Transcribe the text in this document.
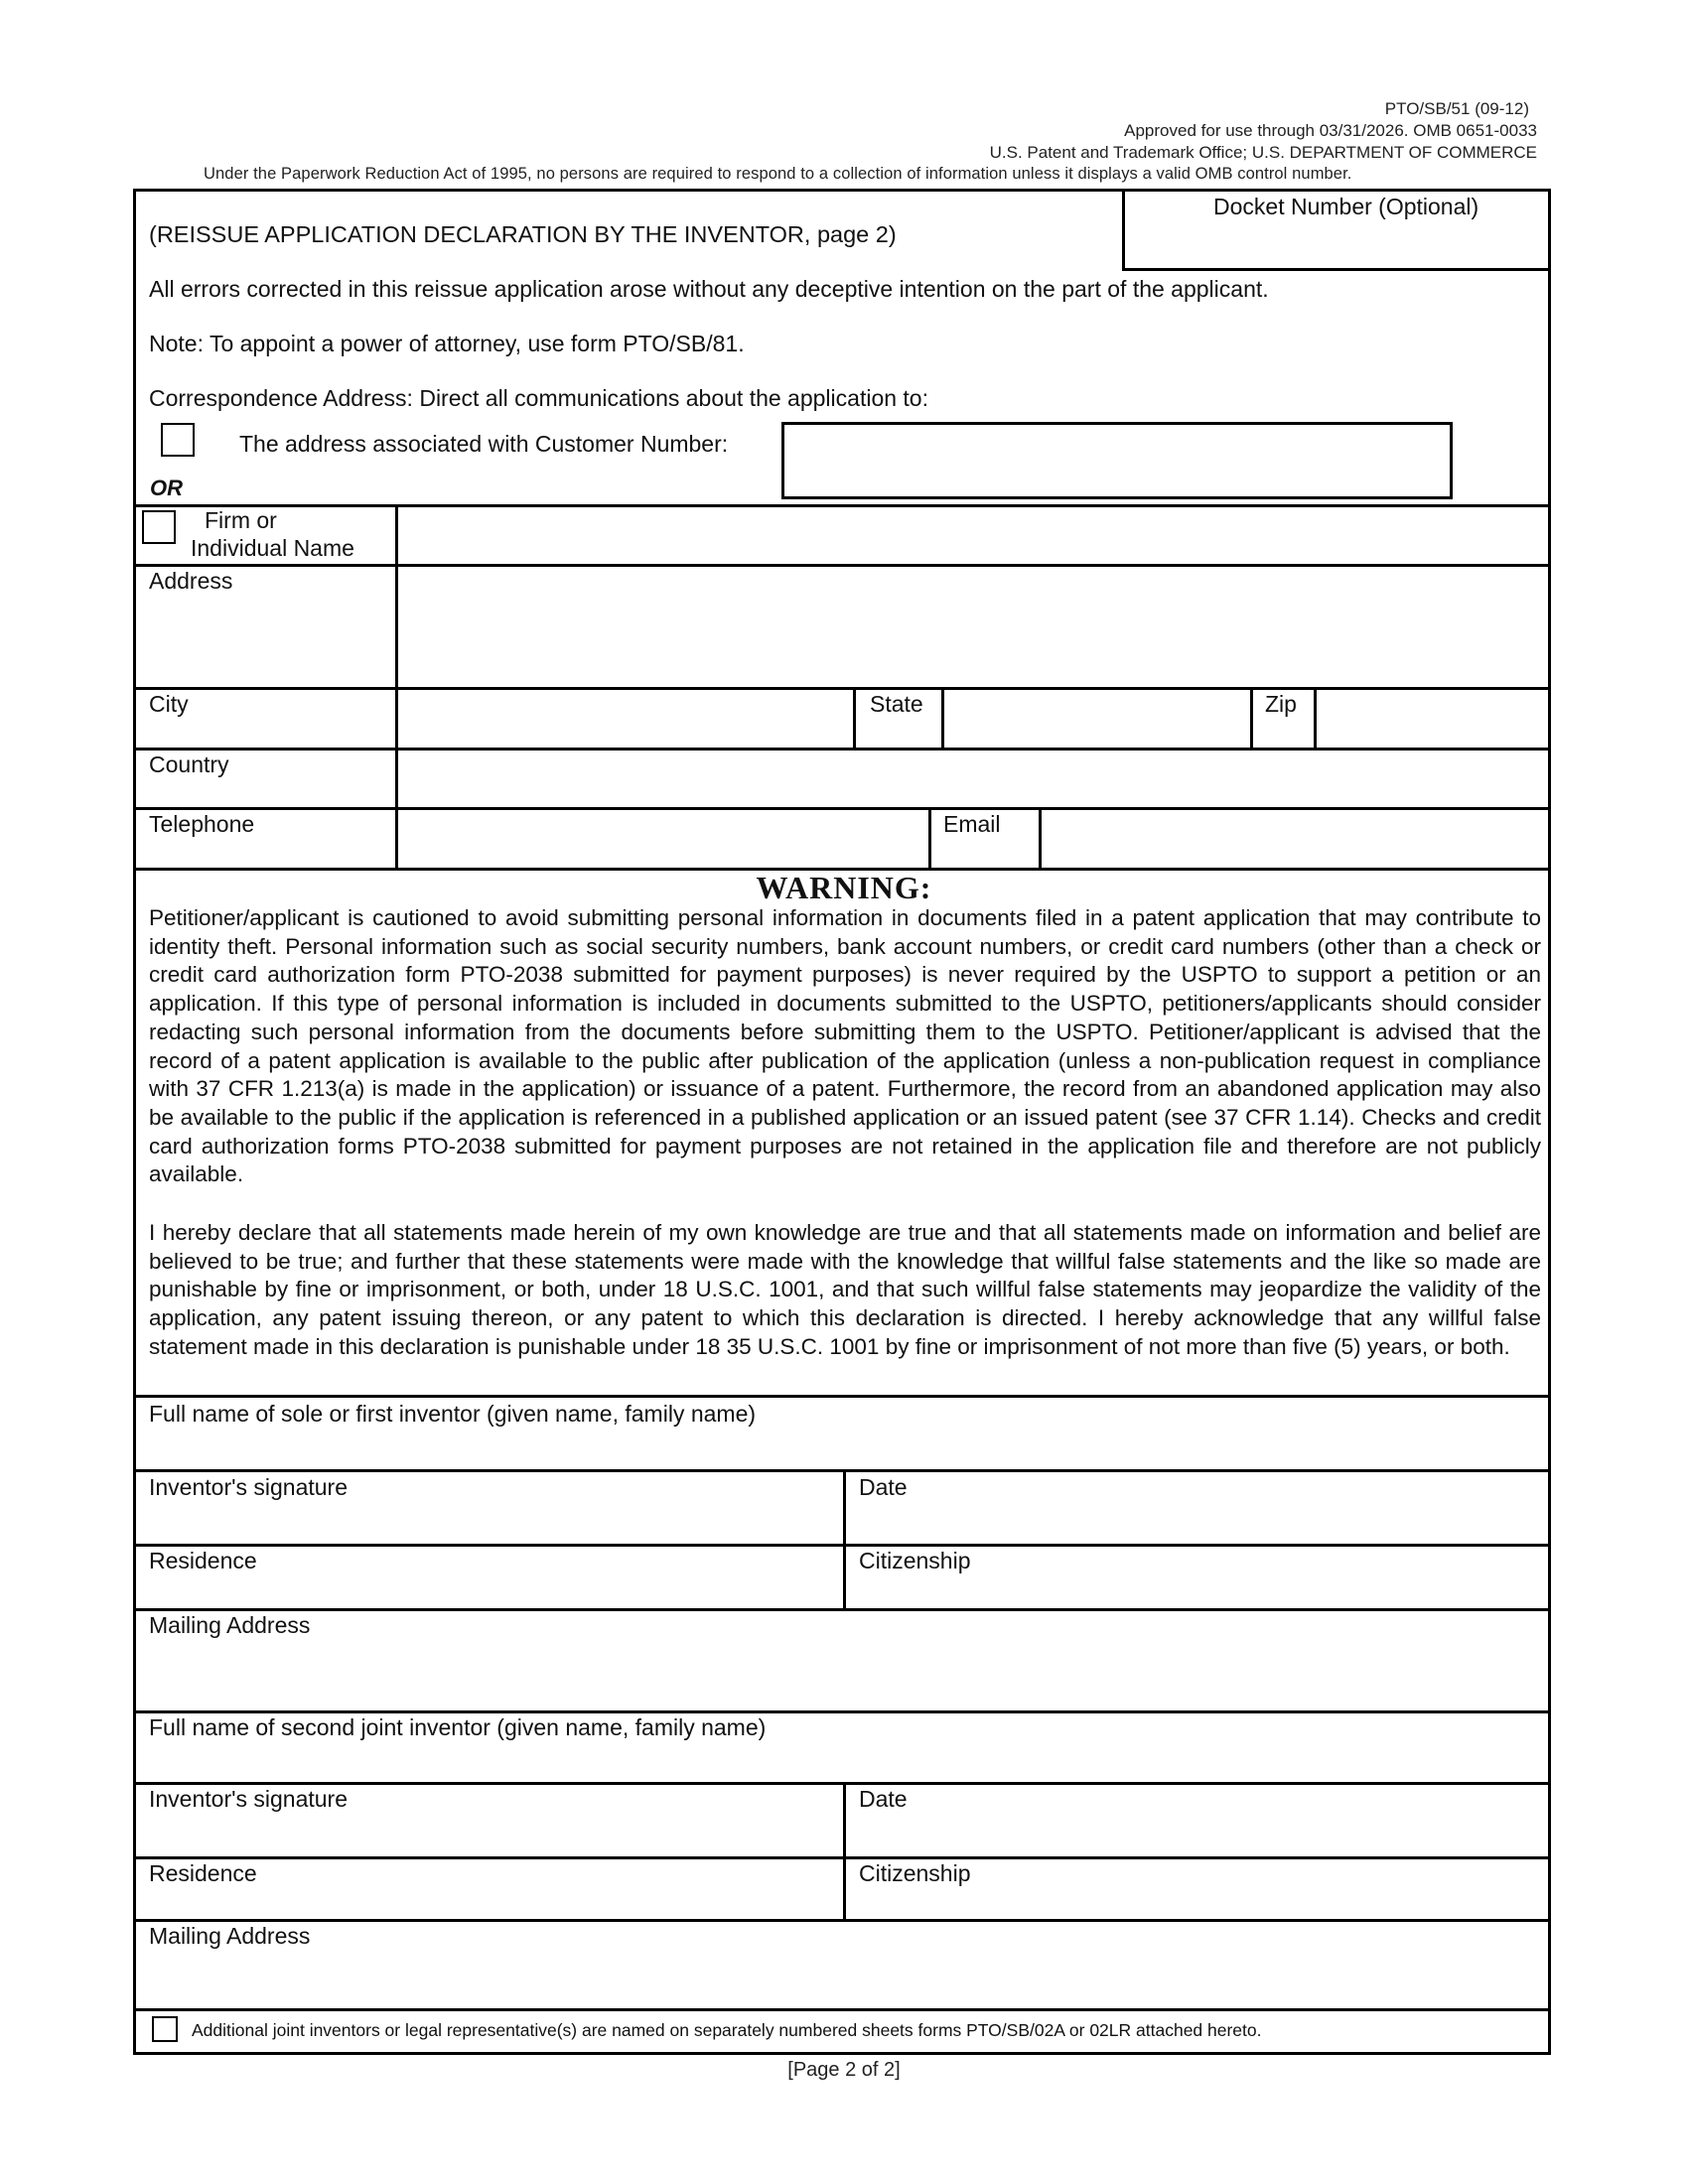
PTO/SB/51 (09-12)
Approved for use through 03/31/2026. OMB 0651-0033
U.S. Patent and Trademark Office; U.S. DEPARTMENT OF COMMERCE
Under the Paperwork Reduction Act of 1995, no persons are required to respond to a collection of information unless it displays a valid OMB control number.
(REISSUE APPLICATION DECLARATION BY THE INVENTOR, page 2)
Docket Number (Optional)
All errors corrected in this reissue application arose without any deceptive intention on the part of the applicant.
Note: To appoint a power of attorney, use form PTO/SB/81.
Correspondence Address: Direct all communications about the application to:
The address associated with Customer Number:
OR
Firm or
Individual Name
Address
City	State	Zip
Country
Telephone	Email
WARNING:
Petitioner/applicant is cautioned to avoid submitting personal information in documents filed in a patent application that may contribute to identity theft. Personal information such as social security numbers, bank account numbers, or credit card numbers (other than a check or credit card authorization form PTO-2038 submitted for payment purposes) is never required by the USPTO to support a petition or an application. If this type of personal information is included in documents submitted to the USPTO, petitioners/applicants should consider redacting such personal information from the documents before submitting them to the USPTO. Petitioner/applicant is advised that the record of a patent application is available to the public after publication of the application (unless a non-publication request in compliance with 37 CFR 1.213(a) is made in the application) or issuance of a patent. Furthermore, the record from an abandoned application may also be available to the public if the application is referenced in a published application or an issued patent (see 37 CFR 1.14). Checks and credit card authorization forms PTO-2038 submitted for payment purposes are not retained in the application file and therefore are not publicly available.
I hereby declare that all statements made herein of my own knowledge are true and that all statements made on information and belief are believed to be true; and further that these statements were made with the knowledge that willful false statements and the like so made are punishable by fine or imprisonment, or both, under 18 U.S.C. 1001, and that such willful false statements may jeopardize the validity of the application, any patent issuing thereon, or any patent to which this declaration is directed. I hereby acknowledge that any willful false statement made in this declaration is punishable under 18 35 U.S.C. 1001 by fine or imprisonment of not more than five (5) years, or both.
Full name of sole or first inventor (given name, family name)
Inventor's signature	Date
Residence	Citizenship
Mailing Address
Full name of second joint inventor (given name, family name)
Inventor's signature	Date
Residence	Citizenship
Mailing Address
Additional joint inventors or legal representative(s) are named on separately numbered sheets forms PTO/SB/02A or 02LR attached hereto.
[Page 2 of 2]
